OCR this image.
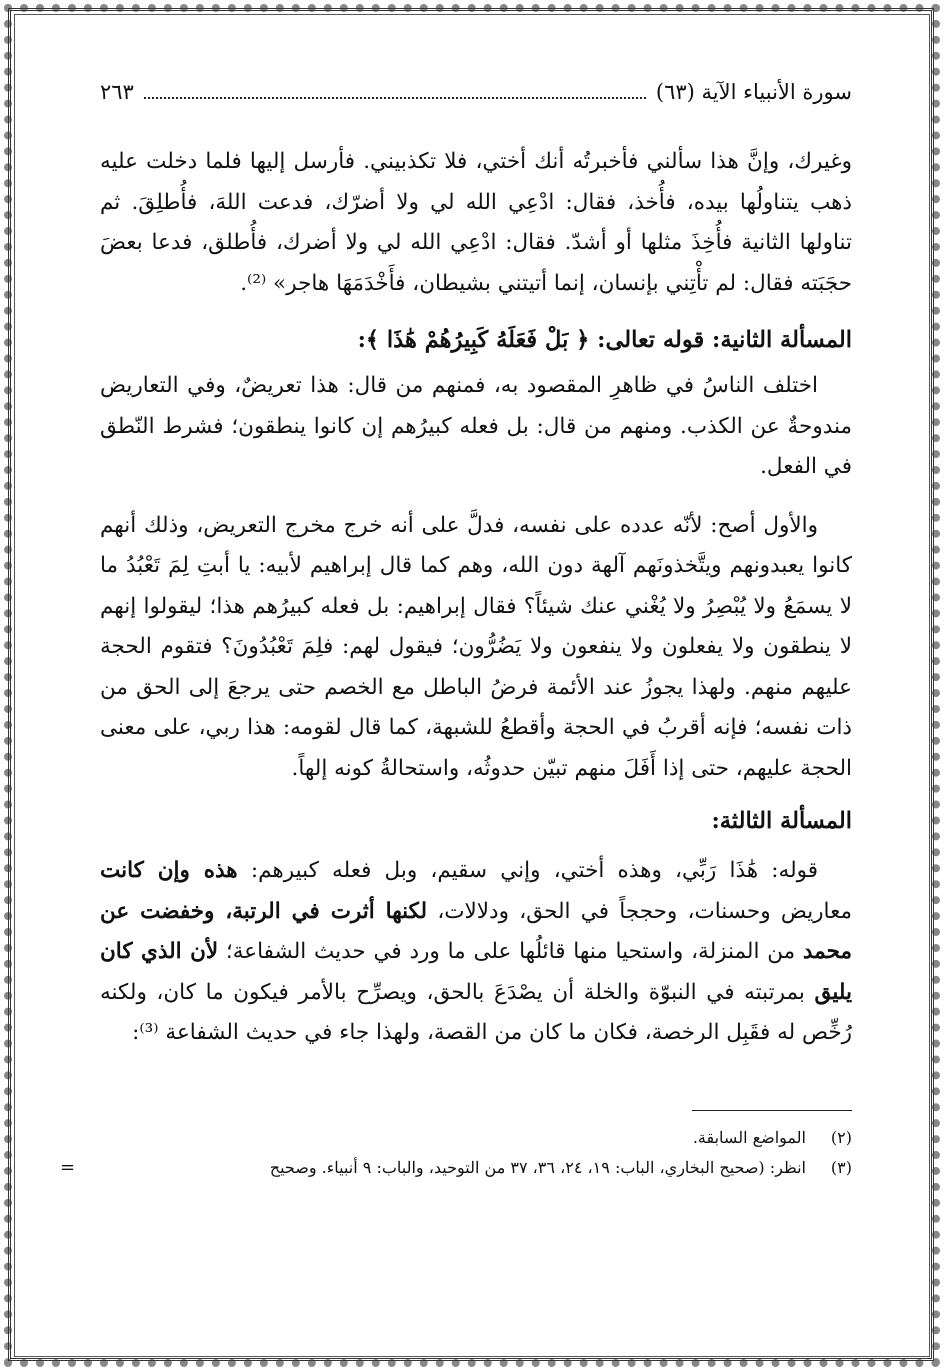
سورة الأنبياء الآية (٦٣)
٢٦٣

وغيرك، وإنَّ هذا سألني فأخبرتُه أنك أختي، فلا تكذبيني. فأرسل إليها فلما دخلت عليه ذهب يتناولُها بيده، فأُخذ، فقال: ادْعِي الله لي ولا أضرّك، فدعت اللهَ، فأُطلِقَ. ثم تناولها الثانية فأُخِذَ مثلها أو أشدّ. فقال: ادْعِي الله لي ولا أضرك، فأُطلق، فدعا بعضَ حجَبَته فقال: لم تأْتِني بإنسان، إنما أتيتني بشيطان، فأَخْدَمَهَا هاجر» ⁽²⁾.

المسألة الثانية: قوله تعالى: ﴿ بَلْ فَعَلَهُ كَبِيرُهُمْ هَٰذَا ﴾:

اختلف الناسُ في ظاهرِ المقصود به، فمنهم من قال: هذا تعريضٌ، وفي التعاريض مندوحةٌ عن الكذب. ومنهم من قال: بل فعله كبيرُهم إن كانوا ينطقون؛ فشرط النّطق في الفعل.

والأول أصح: لأنّه عدده على نفسه، فدلَّ على أنه خرج مخرج التعريض، وذلك أنهم كانوا يعبدونهم ويتَّخذونَهم آلهة دون الله، وهم كما قال إبراهيم لأبيه: يا أبتِ لِمَ تَعْبُدُ ما لا يسمَعُ ولا يُبْصِرُ ولا يُغْني عنك شيئاً؟ فقال إبراهيم: بل فعله كبيرُهم هذا؛ ليقولوا إنهم لا ينطقون ولا يفعلون ولا ينفعون ولا يَضُرُّون؛ فيقول لهم: فلِمَ تَعْبُدُونَ؟ فتقوم الحجة عليهم منهم. ولهذا يجوزُ عند الأئمة فرضُ الباطل مع الخصم حتى يرجعَ إلى الحق من ذات نفسه؛ فإنه أقربُ في الحجة وأقطعُ للشبهة، كما قال لقومه: هذا ربي، على معنى الحجة عليهم، حتى إذا أَفَلَ منهم تبيّن حدوثُه، واستحالةُ كونه إلهاً.

المسألة الثالثة:

قوله: هَٰذَا رَبِّي، وهذه أختي، وإني سقيم، وبل فعله كبيرهم: هذه وإن كانت معاريض وحسنات، وحججاً في الحق، ودلالات، لكنها أثرت في الرتبة، وخفضت عن محمد من المنزلة، واستحيا منها قائلُها على ما ورد في حديث الشفاعة؛ لأن الذي كان يليق بمرتبته في النبوّة والخلة أن يصْدَعَ بالحق، ويصرِّح بالأمر فيكون ما كان، ولكنه رُخِّص له فقَبِل الرخصة، فكان ما كان من القصة، ولهذا جاء في حديث الشفاعة ⁽³⁾:

(٢)
المواضع السابقة.
(٣)
انظر: (صحيح البخاري، الباب: ١٩، ٢٤، ٣٦، ٣٧ من التوحيد، والباب: ٩ أنبياء. وصحيح
=
